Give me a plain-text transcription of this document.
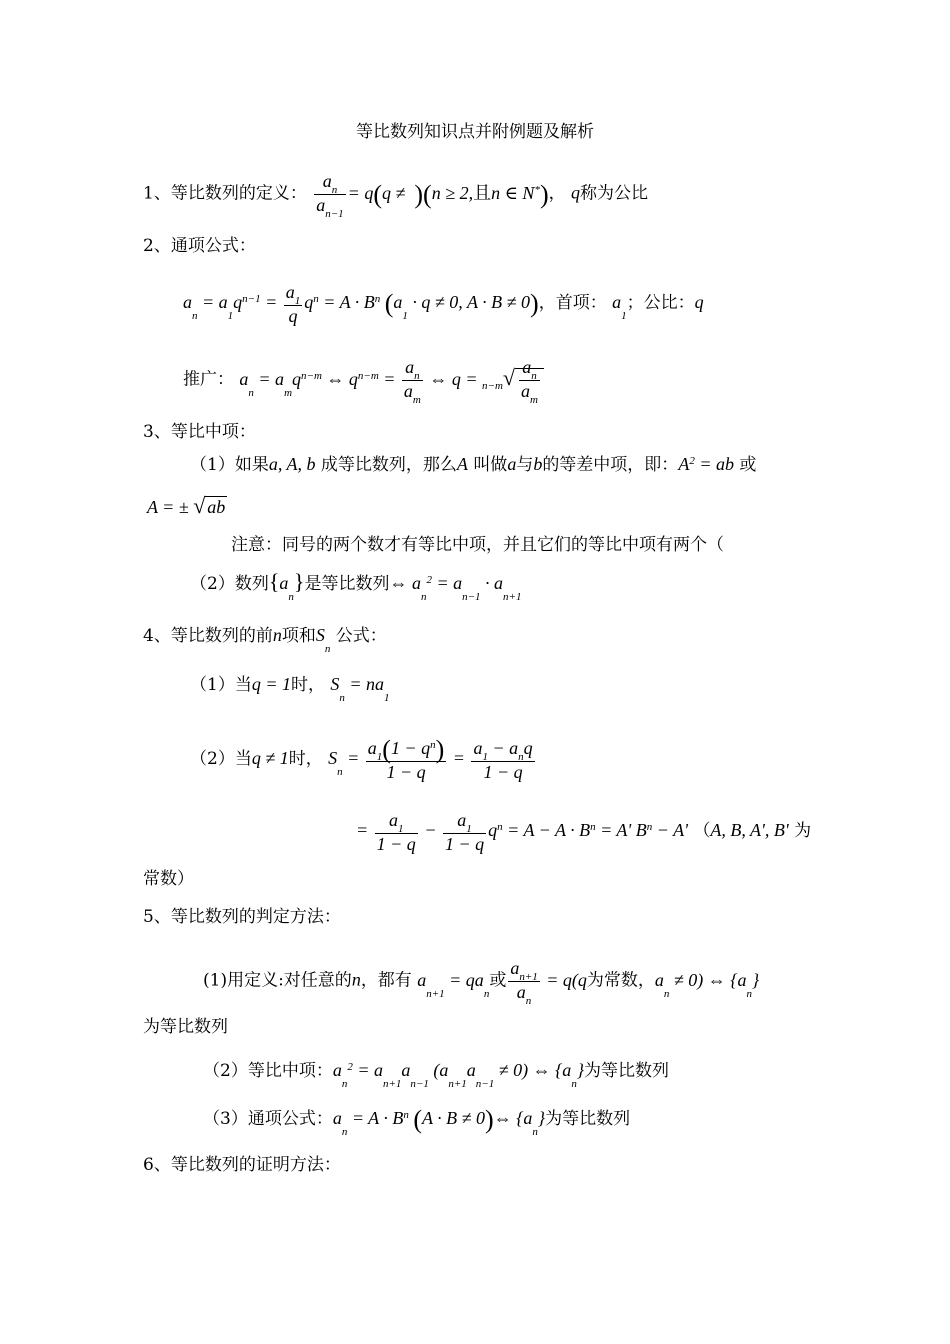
等比数列知识点并附例题及解析
1、等比数列的定义： $\frac{a_n}{a_{n-1}} = q(q \ne )(n \ge 2$,且n ∈ N*)， q称为公比
2、通项公式：
$a_n = a_1q^{n-1} = \frac{a_1}{q} q^n = A \cdot B^n$ ($a_1 \cdot q \ne 0$, A · B ≠ 0)，首项： $a_1$；公比：q
推广： $a_n = a_mq^{n-m}$ ⇔ $q^{n-m} = \frac{a_n}{a_m}$ ⇔ $q = _{n-m}√ \frac{a_n}{a_m}$
3、等比中项：
（1）如果a, A, b 成等比数列，那么A 叫做a与b的等差中项，即：$A^2$ = ab 或
A = ± √ ab
注意：同号的两个数才有等比中项，并且它们的等比中项有两个（
（2）数列$\{a_n\}$是等比数列⇔ $a_n^2 = a_{n-1} \cdot a_{n+1}$
4、等比数列的前n项和$S_n$ 公式：
（1）当q = 1时， $S_n = na_1$
（2）当q ≠ 1时， $S_n = \frac{a_1(1 - q^n)}{1 - q} = \frac{a_1 - a_nq}{1 - q}$
= $\frac{a_1}{1 - q} - \frac{a_1}{1 - q} q^n = A - A \cdot B^n = A'$ $B^n - A'$ （A, B, A', B' 为
常数）
5、等比数列的判定方法：
(1)用定义:对任意的n，都有 $a_{n+1} = qa_n$或 $\frac{a_{n+1}}{a_n} = q(q$为常数，$a_n \ne 0$) ⇔ $\{a_n\}$
为等比数列
（2）等比中项：$a_n^2 = a_{n+1}a_{n-1}$ $(a_{n+1}a_{n-1} \ne 0)$ ⇔ $\{a_n\}$为等比数列
（3）通项公式：$a_n = A \cdot B^n$ (A · B ≠ 0)⇔ $\{a_n\}$为等比数列
6、等比数列的证明方法：
